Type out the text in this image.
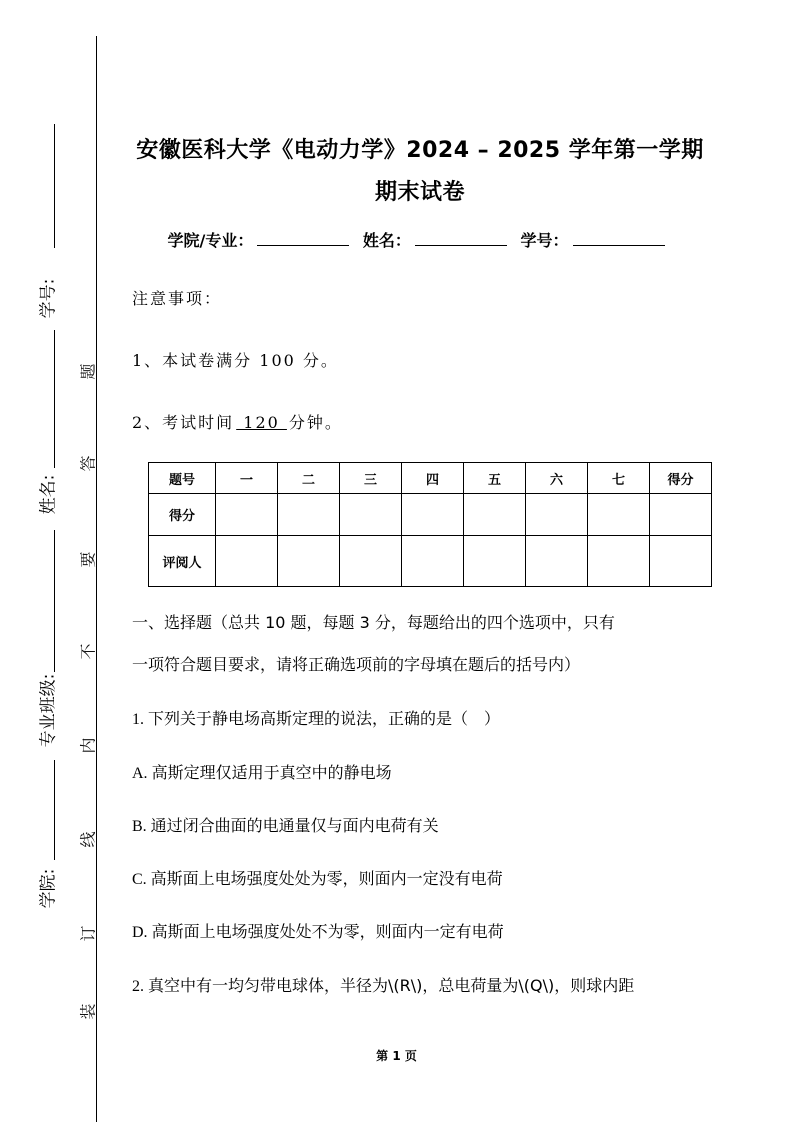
学号:
姓名:
专业班级:
学院:
题
答
要
不
内
线
订
装
安徽医科大学《电动力学》2024 – 2025 学年第一学期
期末试卷
学院/专业：	姓名：	学号：
注意事项：
1、本试卷满分 100 分。
2、考试时间 120 分钟。
题号	一	二	三	四	五	六	七	得分
得分								
评阅人								
一、选择题（总共 10 题，每题 3 分，每题给出的四个选项中，只有
一项符合题目要求，请将正确选项前的字母填在题后的括号内）
1. 下列关于静电场高斯定理的说法，正确的是（　）
A. 高斯定理仅适用于真空中的静电场
B. 通过闭合曲面的电通量仅与面内电荷有关
C. 高斯面上电场强度处处为零，则面内一定没有电荷
D. 高斯面上电场强度处处不为零，则面内一定有电荷
2. 真空中有一均匀带电球体，半径为\(R\)，总电荷量为\(Q\)，则球内距
第 1 页
